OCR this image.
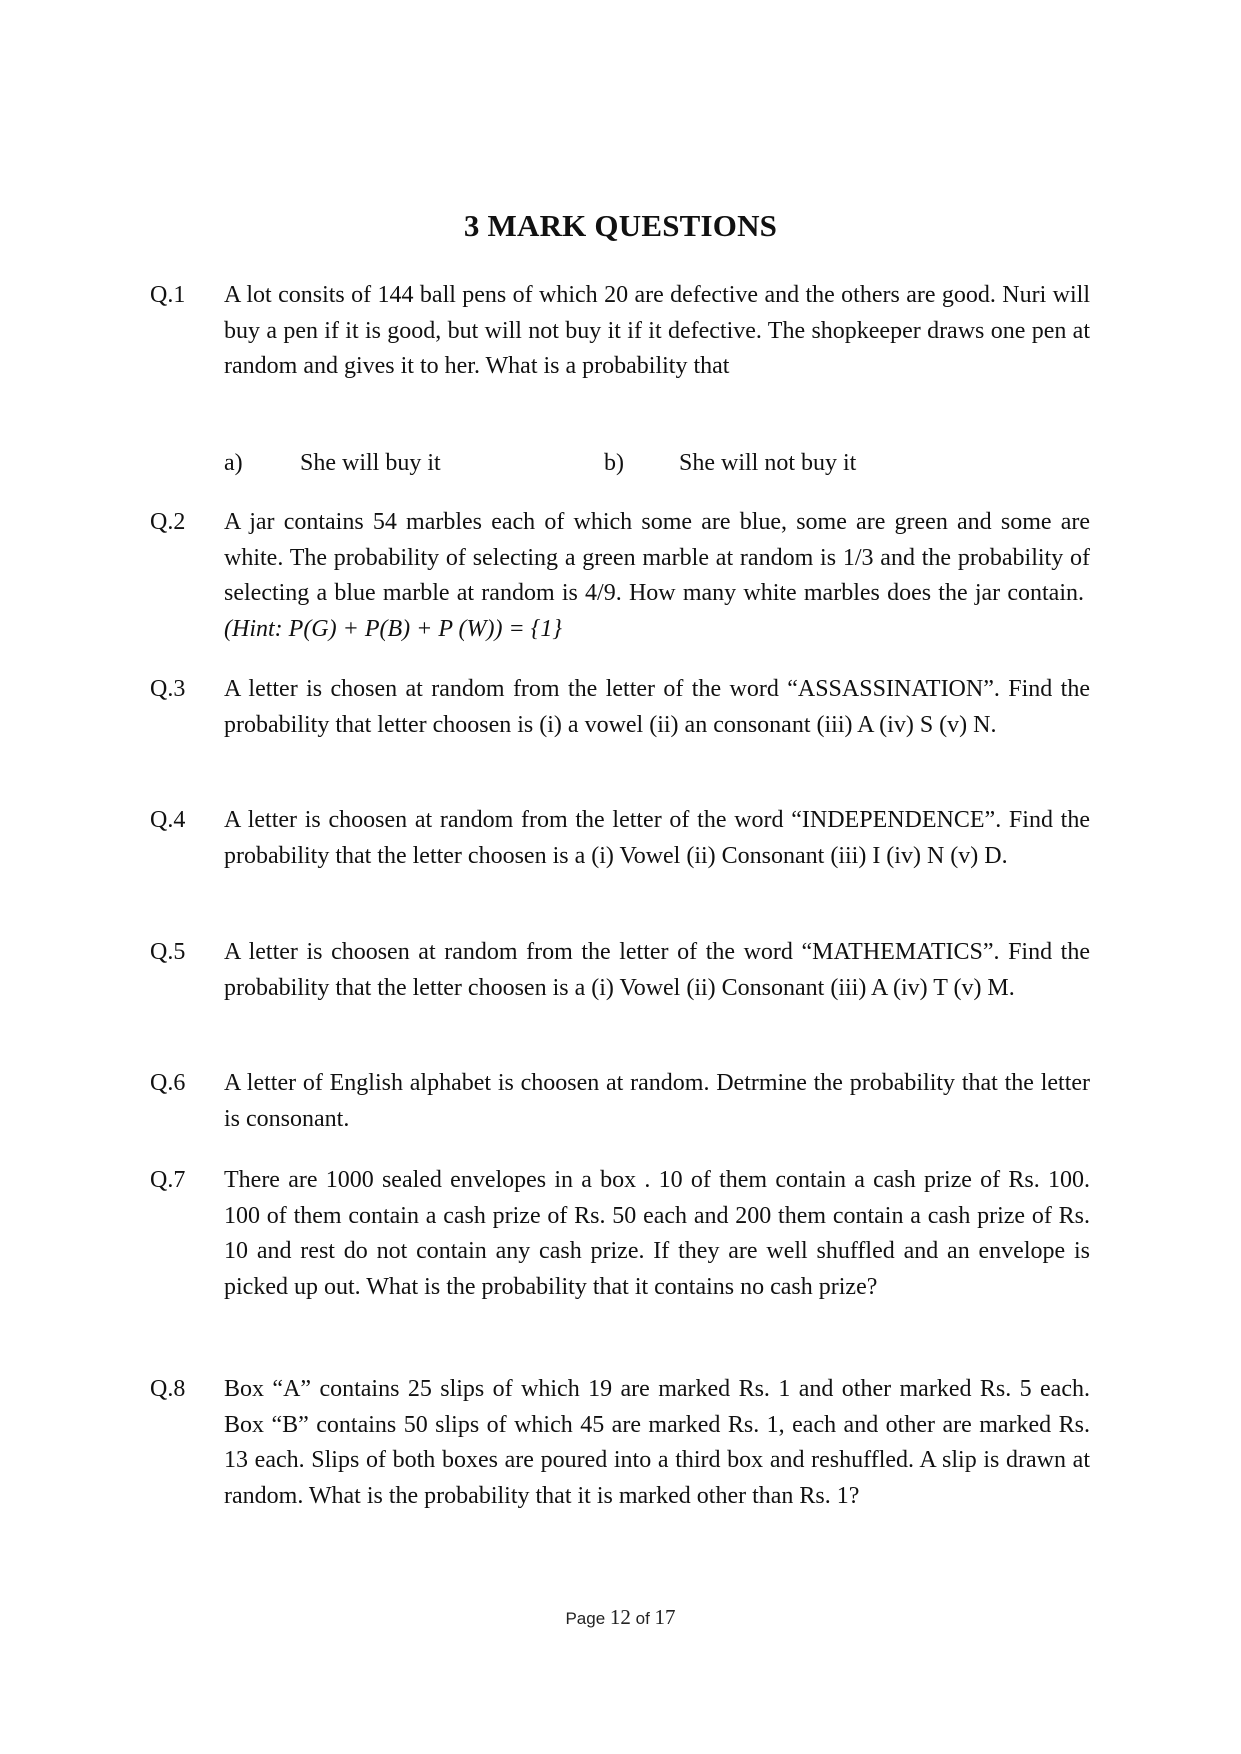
3 MARK QUESTIONS
Q.1	A lot consits of 144 ball pens of which 20 are defective and the others are good. Nuri will buy a pen if it is good, but will not buy it if it defective. The shopkeeper draws one pen at random and gives it to her. What is a probability that

a) She will buy it	b) She will not buy it
Q.2	A jar contains 54 marbles each of which some are blue, some are green and some are white. The probability of selecting a green marble at random is 1/3 and the probability of selecting a blue marble at random is 4/9. How many white marbles does the jar contain.  (Hint: P(G) + P(B) + P (W)) = {1}

Q.3	A letter is chosen at random from the letter of the word “ASSASSINATION”. Find the probability that letter choosen is (i) a vowel (ii) an consonant (iii) A (iv) S (v) N.

Q.4	A letter is choosen at random from the letter of the word “INDEPENDENCE”. Find the probability that the letter choosen is a (i) Vowel (ii) Consonant (iii) I (iv) N (v) D.

Q.5	A letter is choosen at random from the letter of the word “MATHEMATICS”. Find the probability that the letter choosen is a (i) Vowel (ii) Consonant (iii) A (iv) T (v) M.

Q.6	A letter of English alphabet is choosen at random. Detrmine the probability that the letter is consonant.

Q.7	There are 1000 sealed envelopes in a box . 10 of them contain a cash prize of Rs. 100. 100 of them contain a cash prize of Rs. 50 each and 200 them contain a cash prize of Rs. 10 and rest do not contain any cash prize. If they are well shuffled and an envelope is picked up out. What is the probability that it contains no cash prize?

Q.8	Box “A” contains 25 slips of which 19 are marked Rs. 1 and other marked Rs. 5 each. Box “B” contains 50 slips of which 45 are marked Rs. 1, each and other are marked Rs. 13 each. Slips of both boxes are poured into a third box and reshuffled. A slip is drawn at random. What is the probability that it is marked other than Rs. 1?

Page 12 of 17
